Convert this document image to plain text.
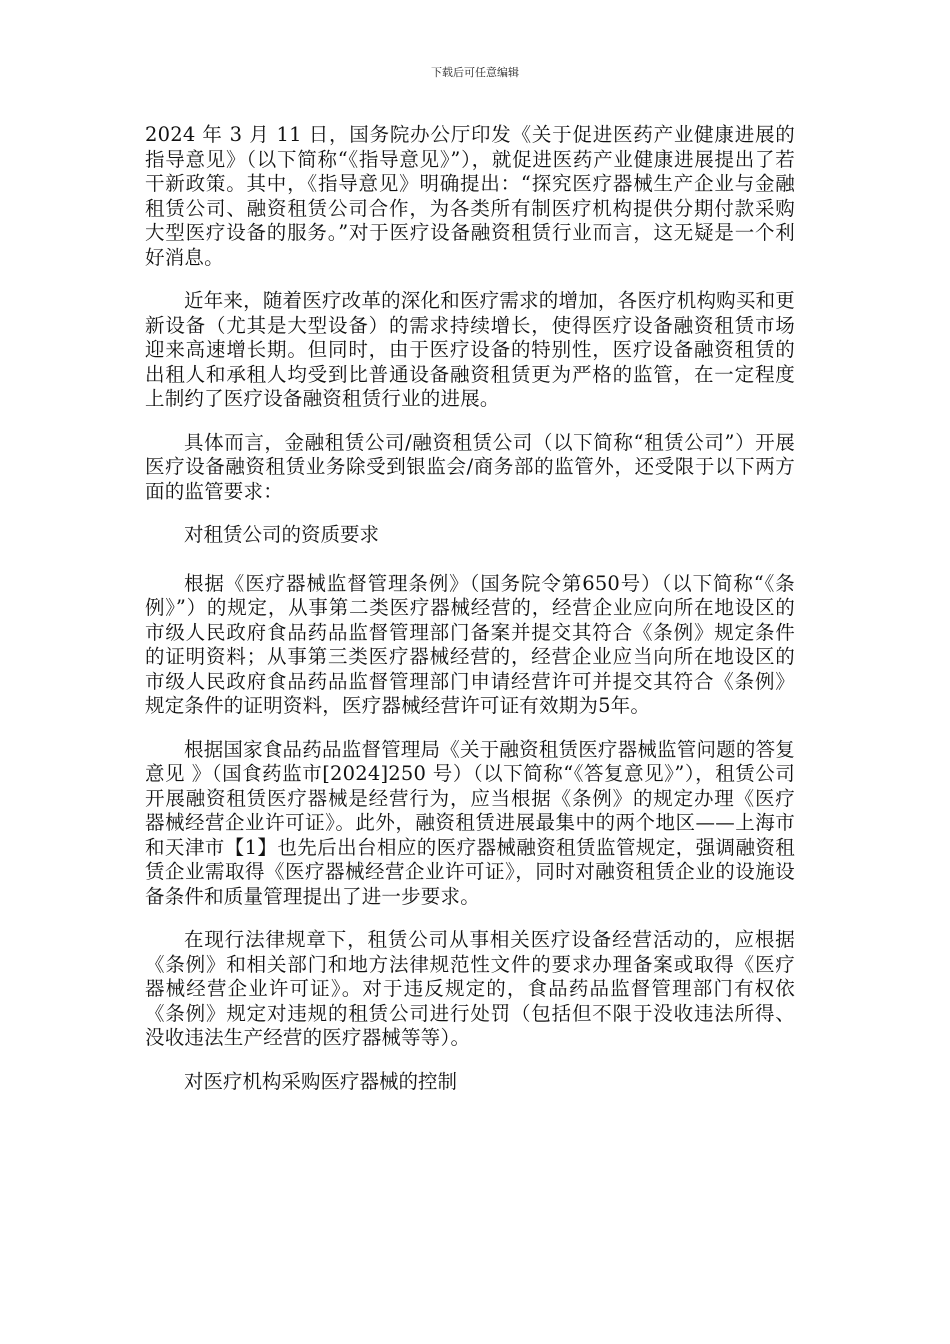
下载后可任意编辑

2024 年 3 月 11 日，国务院办公厅印发《关于促进医药产业健康进展的指导意见》（以下简称“《指导意见》”），就促进医药产业健康进展提出了若干新政策。其中，《指导意见》明确提出：“探究医疗器械生产企业与金融租赁公司、融资租赁公司合作，为各类所有制医疗机构提供分期付款采购大型医疗设备的服务。”对于医疗设备融资租赁行业而言，这无疑是一个利好消息。

近年来，随着医疗改革的深化和医疗需求的增加，各医疗机构购买和更新设备（尤其是大型设备）的需求持续增长，使得医疗设备融资租赁市场迎来高速增长期。但同时，由于医疗设备的特别性，医疗设备融资租赁的出租人和承租人均受到比普通设备融资租赁更为严格的监管，在一定程度上制约了医疗设备融资租赁行业的进展。

具体而言，金融租赁公司/融资租赁公司（以下简称“租赁公司”）开展医疗设备融资租赁业务除受到银监会/商务部的监管外，还受限于以下两方面的监管要求：

对租赁公司的资质要求

根据《医疗器械监督管理条例》（国务院令第650号）（以下简称“《条例》”）的规定，从事第二类医疗器械经营的，经营企业应向所在地设区的市级人民政府食品药品监督管理部门备案并提交其符合《条例》规定条件的证明资料；从事第三类医疗器械经营的，经营企业应当向所在地设区的市级人民政府食品药品监督管理部门申请经营许可并提交其符合《条例》规定条件的证明资料，医疗器械经营许可证有效期为5年。

根据国家食品药品监督管理局《关于融资租赁医疗器械监管问题的答复意见 》（国食药监市[2024]250 号）（以下简称“《答复意见》”），租赁公司开展融资租赁医疗器械是经营行为，应当根据《条例》的规定办理《医疗器械经营企业许可证》。此外，融资租赁进展最集中的两个地区——上海市和天津市【1】也先后出台相应的医疗器械融资租赁监管规定，强调融资租赁企业需取得《医疗器械经营企业许可证》，同时对融资租赁企业的设施设备条件和质量管理提出了进一步要求。

在现行法律规章下，租赁公司从事相关医疗设备经营活动的，应根据《条例》和相关部门和地方法律规范性文件的要求办理备案或取得《医疗器械经营企业许可证》。对于违反规定的，食品药品监督管理部门有权依《条例》规定对违规的租赁公司进行处罚（包括但不限于没收违法所得、没收违法生产经营的医疗器械等等）。

对医疗机构采购医疗器械的控制
